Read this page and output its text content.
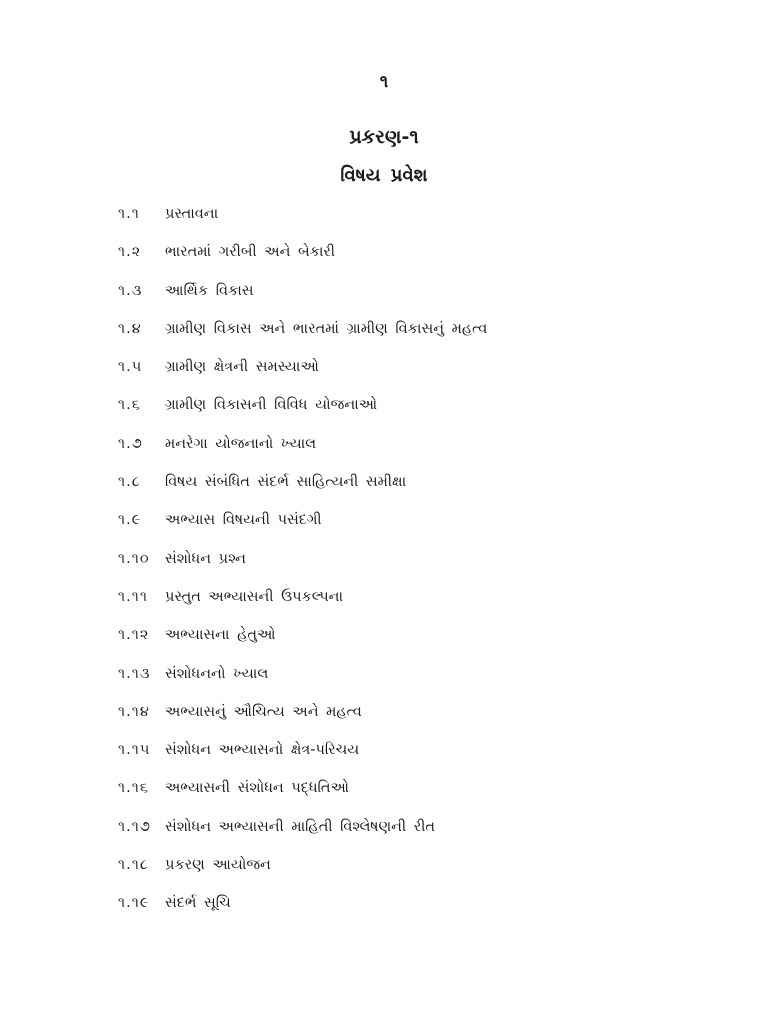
૧
પ્રકરણ-૧
વિષય પ્રવેશ
૧.૧	પ્રસ્તાવના
૧.૨	ભારતમાં ગરીબી અને બેકારી
૧.૩	આર્થિક વિકાસ
૧.૪	ગ્રામીણ વિકાસ અને ભારતમાં ગ્રામીણ વિકાસનું મહત્વ
૧.૫	ગ્રામીણ ક્ષેત્રની સમસ્યાઓ
૧.૬	ગ્રામીણ વિકાસની વિવિધ યોજનાઓ
૧.૭	મનરેગા યોજનાનો ખ્યાલ
૧.૮	વિષય સંબંધિત સંદર્ભ સાહિત્યની સમીક્ષા
૧.૯	અભ્યાસ વિષયની પસંદગી
૧.૧૦	સંશોધન પ્રશ્ન
૧.૧૧	પ્રસ્તુત અભ્યાસની ઉપકલ્પના
૧.૧૨	અભ્યાસના હેતુઓ
૧.૧૩	સંશોધનનો ખ્યાલ
૧.૧૪	અભ્યાસનું ઔચિત્ય અને મહત્વ
૧.૧૫	સંશોધન અભ્યાસનો ક્ષેત્ર-પરિચય
૧.૧૬	અભ્યાસની સંશોધન પદ્ધતિઓ
૧.૧૭ સંશોધન અભ્યાસની માહિતી વિશ્લેષણની રીત
૧.૧૮	પ્રકરણ આયોજન
૧.૧૯	સંદર્ભ સૂચિ
